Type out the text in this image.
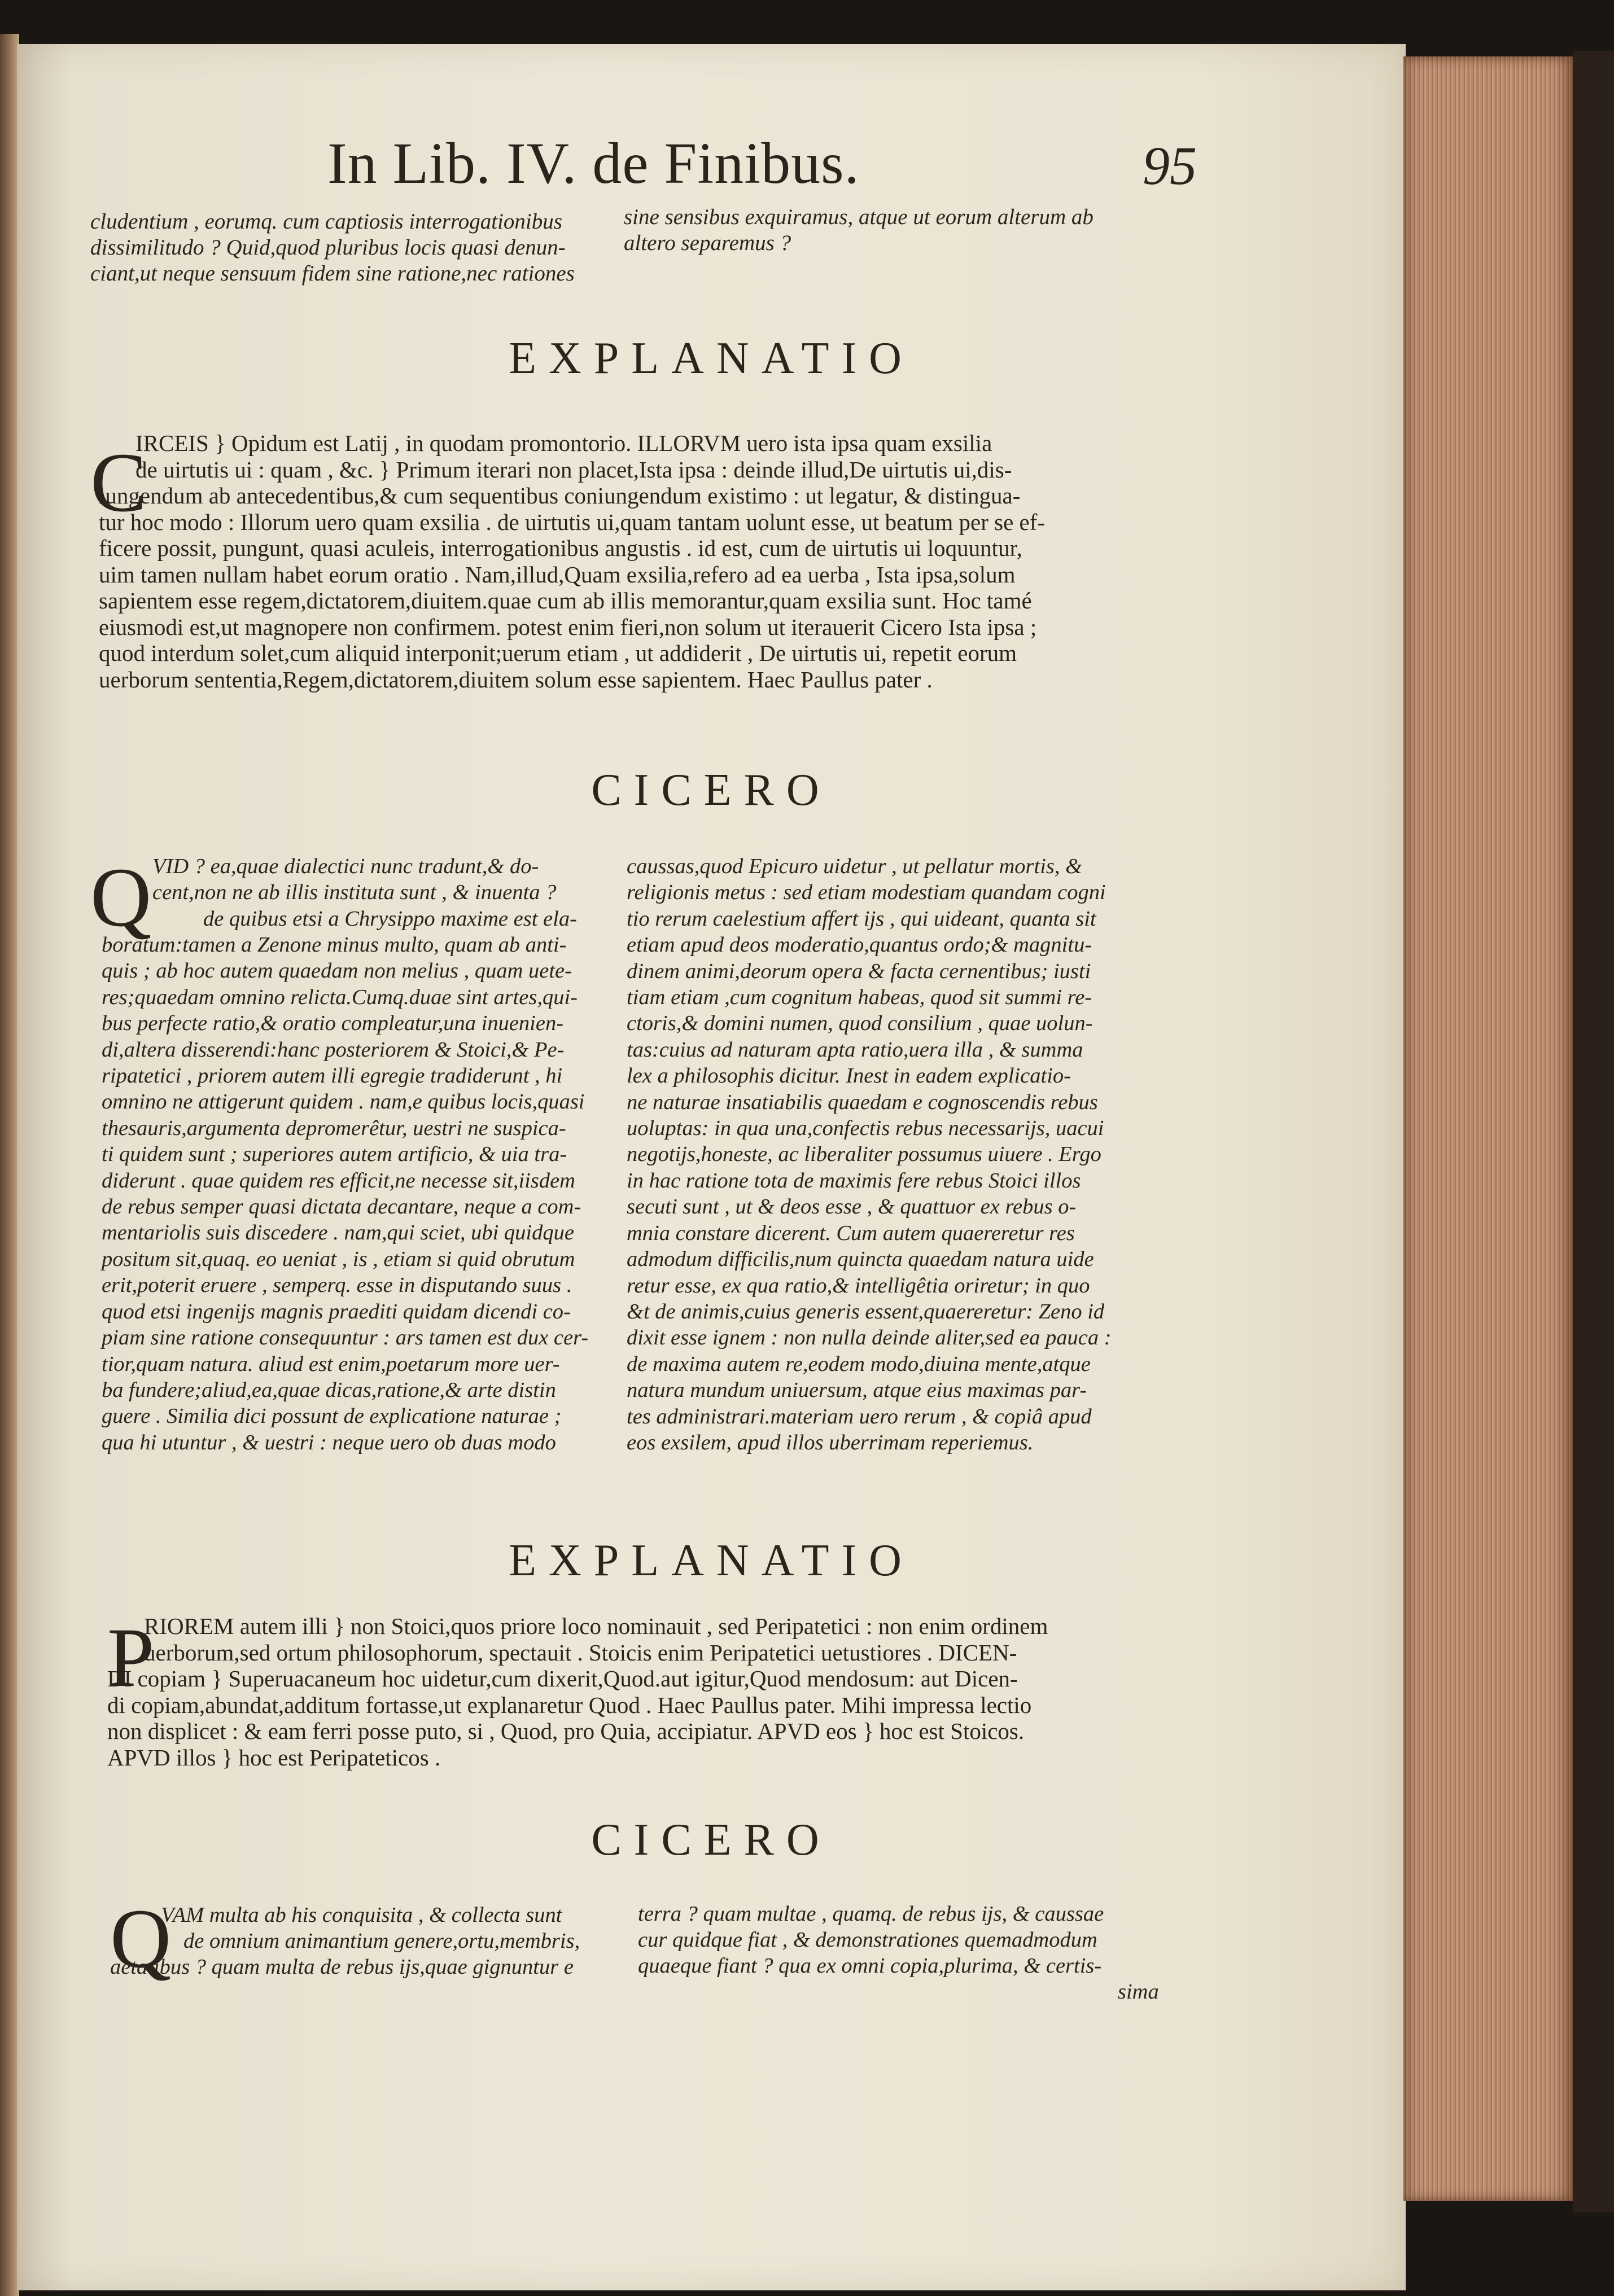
In Lib. IV. de Finibus.	95
cludentium , eorumq. cum captiosis interrogationibus
dissimilitudo ? Quid,quod pluribus locis quasi denun-
ciant,ut neque sensuum fidem sine ratione,nec rationes
sine sensibus exquiramus, atque ut eorum alterum ab
altero separemus ?
EXPLANATIO
C
IRCEIS } Opidum est Latij , in quodam promontorio. ILLORVM uero ista ipsa quam exsilia
de uirtutis ui : quam , &c. } Primum iterari non placet,Ista ipsa : deinde illud,De uirtutis ui,dis-
iungendum ab antecedentibus,& cum sequentibus coniungendum existimo : ut legatur, & distingua-
tur hoc modo : Illorum uero quam exsilia . de uirtutis ui,quam tantam uolunt esse, ut beatum per se ef-
ficere possit, pungunt, quasi aculeis, interrogationibus angustis . id est, cum de uirtutis ui loquuntur,
uim tamen nullam habet eorum oratio . Nam,illud,Quam exsilia,refero ad ea uerba , Ista ipsa,solum
sapientem esse regem,dictatorem,diuitem.quae cum ab illis memorantur,quam exsilia sunt. Hoc tamé
eiusmodi est,ut magnopere non confirmem. potest enim fieri,non solum ut iterauerit Cicero Ista ipsa ;
quod interdum solet,cum aliquid interponit;uerum etiam , ut addiderit , De uirtutis ui, repetit eorum
uerborum sententia,Regem,dictatorem,diuitem solum esse sapientem. Haec Paullus pater .
CICERO
Q VID ? ea,quae dialectici nunc tradunt,& do-
cent,non ne ab illis instituta sunt , & inuenta ?
de quibus etsi a Chrysippo maxime est ela-
boratum:tamen a Zenone minus multo, quam ab anti-
quis ; ab hoc autem quaedam non melius , quam uete-
res;quaedam omnino relicta.Cumq.duae sint artes,qui-
bus perfecte ratio,& oratio compleatur,una inuenien-
di,altera disserendi:hanc posteriorem & Stoici,& Pe-
ripatetici , priorem autem illi egregie tradiderunt , hi
omnino ne attigerunt quidem . nam,e quibus locis,quasi
thesauris,argumenta depromerêtur, uestri ne suspica-
ti quidem sunt ; superiores autem artificio, & uia tra-
diderunt . quae quidem res efficit,ne necesse sit,iisdem
de rebus semper quasi dictata decantare, neque a com-
mentariolis suis discedere . nam,qui sciet, ubi quidque
positum sit,quaq. eo ueniat , is , etiam si quid obrutum
erit,poterit eruere , semperq. esse in disputando suus .
quod etsi ingenijs magnis praediti quidam dicendi co-
piam sine ratione consequuntur : ars tamen est dux cer-
tior,quam natura. aliud est enim,poetarum more uer-
ba fundere;aliud,ea,quae dicas,ratione,& arte distin
guere . Similia dici possunt de explicatione naturae ;
qua hi utuntur , & uestri : neque uero ob duas modo
caussas,quod Epicuro uidetur , ut pellatur mortis, &
religionis metus : sed etiam modestiam quandam cogni
tio rerum caelestium affert ijs , qui uideant, quanta sit
etiam apud deos moderatio,quantus ordo;& magnitu-
dinem animi,deorum opera & facta cernentibus; iusti
tiam etiam ,cum cognitum habeas, quod sit summi re-
ctoris,& domini numen, quod consilium , quae uolun-
tas:cuius ad naturam apta ratio,uera illa , & summa
lex a philosophis dicitur. Inest in eadem explicatio-
ne naturae insatiabilis quaedam e cognoscendis rebus
uoluptas: in qua una,confectis rebus necessarijs, uacui
negotijs,honeste, ac liberaliter possumus uiuere . Ergo
in hac ratione tota de maximis fere rebus Stoici illos
secuti sunt , ut & deos esse , & quattuor ex rebus o-
mnia constare dicerent. Cum autem quaereretur res
admodum difficilis,num quincta quaedam natura uide
retur esse, ex qua ratio,& intelligêtia oriretur; in quo
&t de animis,cuius generis essent,quaereretur: Zeno id
dixit esse ignem : non nulla deinde aliter,sed ea pauca :
de maxima autem re,eodem modo,diuina mente,atque
natura mundum uniuersum, atque eius maximas par-
tes administrari.materiam uero rerum , & copiâ apud
eos exsilem, apud illos uberrimam reperiemus.
EXPLANATIO
P
RIOREM autem illi } non Stoici,quos priore loco nominauit , sed Peripatetici : non enim ordinem
uerborum,sed ortum philosophorum, spectauit . Stoicis enim Peripatetici uetustiores . DICEN-
DI copiam } Superuacaneum hoc uidetur,cum dixerit,Quod.aut igitur,Quod mendosum: aut Dicen-
di copiam,abundat,additum fortasse,ut explanaretur Quod . Haec Paullus pater. Mihi impressa lectio
non displicet : & eam ferri posse puto, si , Quod, pro Quia, accipiatur. APVD eos } hoc est Stoicos.
APVD illos } hoc est Peripateticos .
CICERO
Q
VAM multa ab his conquisita , & collecta sunt
de omnium animantium genere,ortu,membris,
aetatibus ? quam multa de rebus ijs,quae gignuntur e
terra ? quam multae , quamq. de rebus ijs, & caussae
cur quidque fiat , & demonstrationes quemadmodum
quaeque fiant ? qua ex omni copia,plurima, & certis-
sima
